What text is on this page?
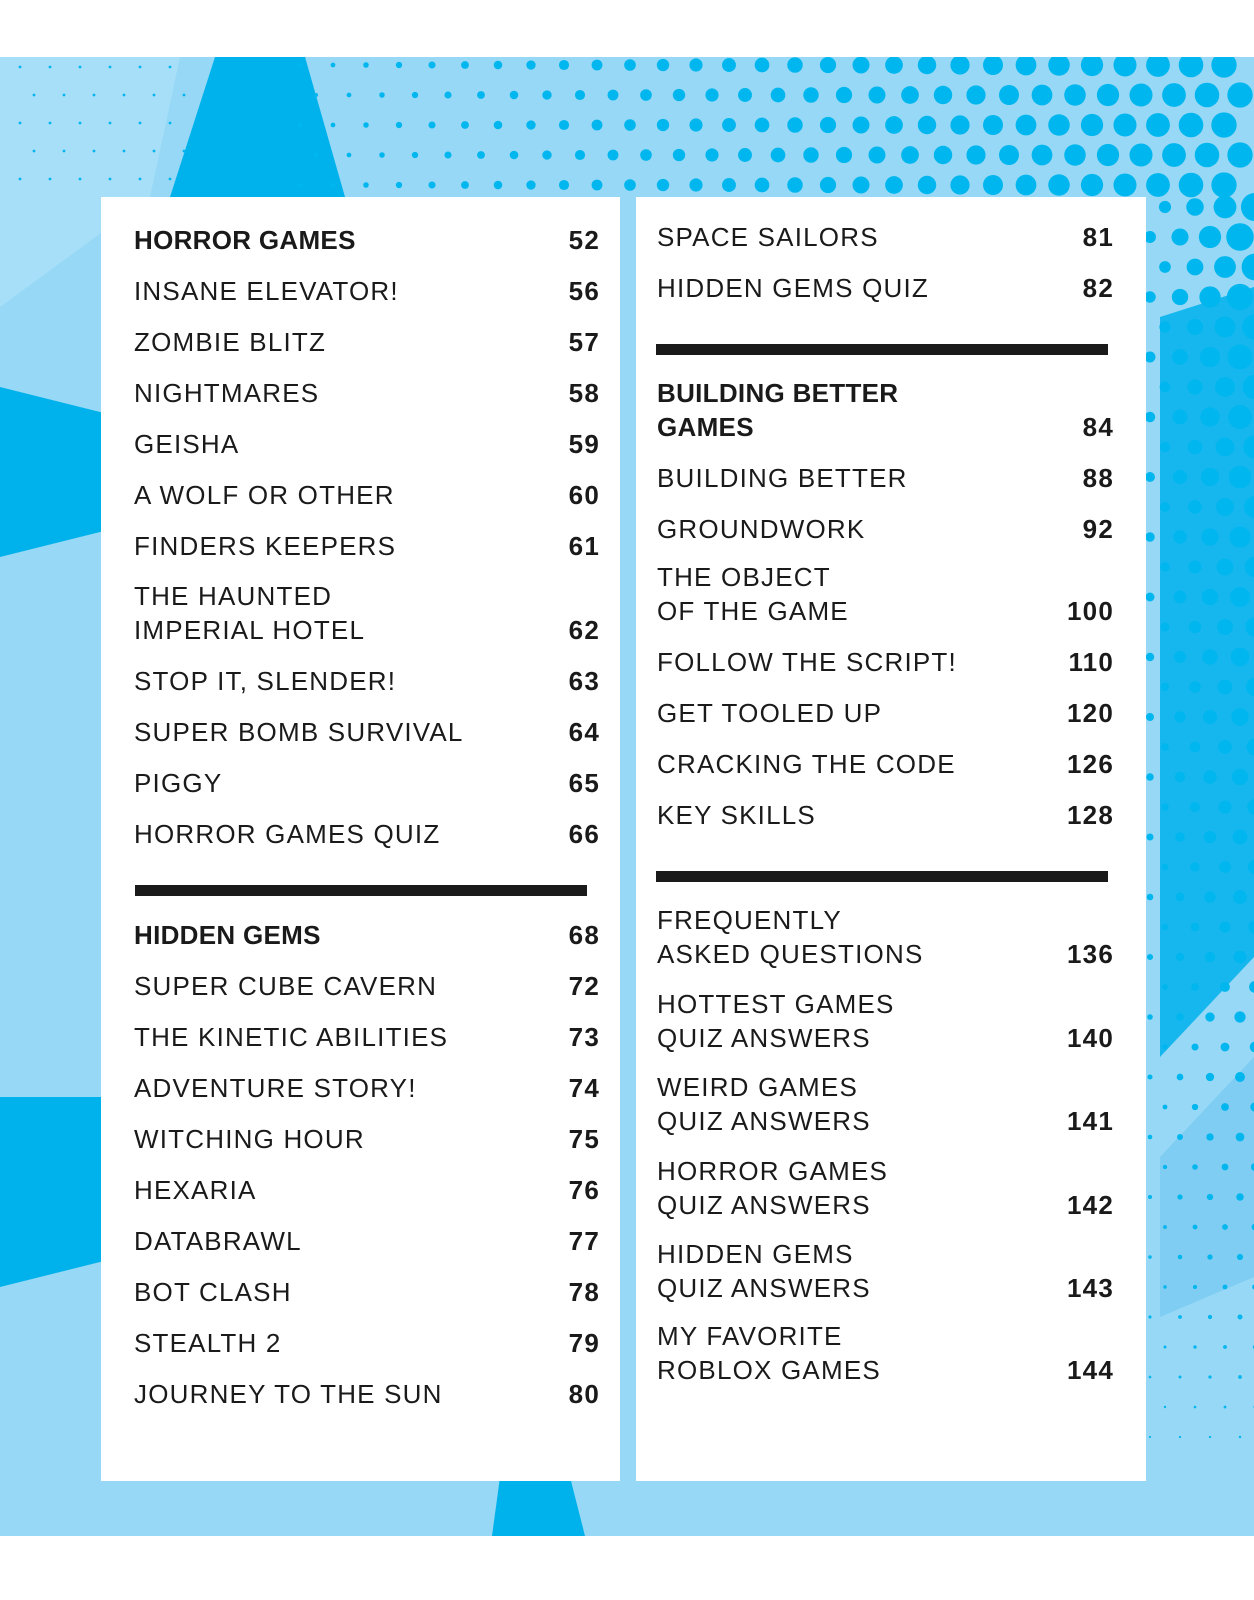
HORROR GAMES	52
INSANE ELEVATOR!	56
ZOMBIE BLITZ	57
NIGHTMARES	58
GEISHA	59
A WOLF OR OTHER	60
FINDERS KEEPERS	61
THE HAUNTED
IMPERIAL HOTEL	62
STOP IT, SLENDER!	63
SUPER BOMB SURVIVAL	64
PIGGY	65
HORROR GAMES QUIZ	66
HIDDEN GEMS	68
SUPER CUBE CAVERN	72
THE KINETIC ABILITIES	73
ADVENTURE STORY!	74
WITCHING HOUR	75
HEXARIA	76
DATABRAWL	77
BOT CLASH	78
STEALTH 2	79
JOURNEY TO THE SUN	80
SPACE SAILORS	81
HIDDEN GEMS QUIZ	82
BUILDING BETTER
GAMES	84
BUILDING BETTER	88
GROUNDWORK	92
THE OBJECT
OF THE GAME	100
FOLLOW THE SCRIPT!	110
GET TOOLED UP	120
CRACKING THE CODE	126
KEY SKILLS	128
FREQUENTLY
ASKED QUESTIONS	136
HOTTEST GAMES
QUIZ ANSWERS	140
WEIRD GAMES
QUIZ ANSWERS	141
HORROR GAMES
QUIZ ANSWERS	142
HIDDEN GEMS
QUIZ ANSWERS	143
MY FAVORITE
ROBLOX GAMES	144
